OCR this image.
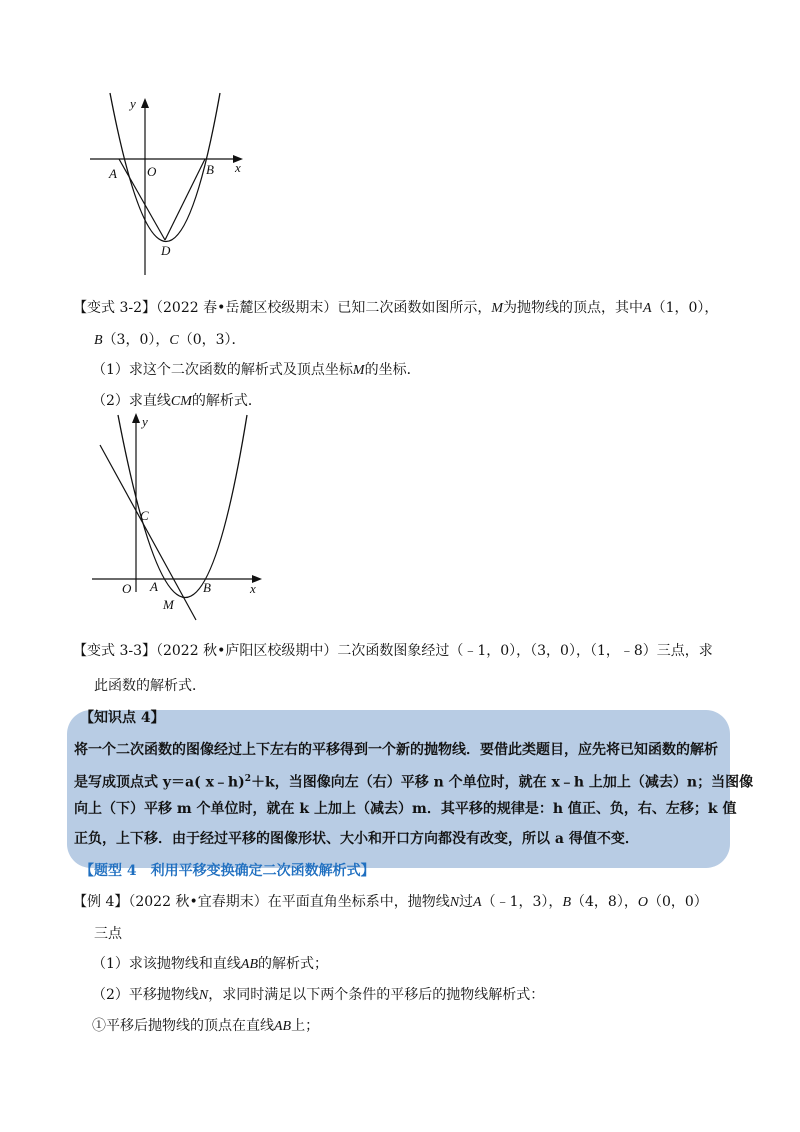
y
x
A O	B
D
【变式 3-2】（2022 春•岳麓区校级期末）已知二次函数如图所示，M为抛物线的顶点，其中A（1，0），
B（3，0），C（0，3）．
（1）求这个二次函数的解析式及顶点坐标M的坐标．
（2）求直线CM的解析式．
y
x
C
O A	B
M
【变式 3-3】（2022 秋•庐阳区校级期中）二次函数图象经过（﹣1，0），（3，0），（1，﹣8）三点，求
此函数的解析式．
【知识点 4】
将一个二次函数的图像经过上下左右的平移得到一个新的抛物线．要借此类题目，应先将已知函数的解析
是写成顶点式 y＝a( x﹣h)$^2$＋k，当图像向左（右）平移 n 个单位时，就在 x﹣h 上加上（减去）n；当图像
向上（下）平移 m 个单位时，就在 k 上加上（减去）m．其平移的规律是：h 值正、负，右、左移；k 值
正负，上下移．由于经过平移的图像形状、大小和开口方向都没有改变，所以 a 得值不变．
【题型 4　利用平移变换确定二次函数解析式】
【例 4】（2022 秋•宜春期末）在平面直角坐标系中，抛物线N过A（﹣1，3），B（4，8），O（0，0）
三点
（1）求该抛物线和直线AB的解析式；
（2）平移抛物线N，求同时满足以下两个条件的平移后的抛物线解析式：
①平移后抛物线的顶点在直线AB上；
